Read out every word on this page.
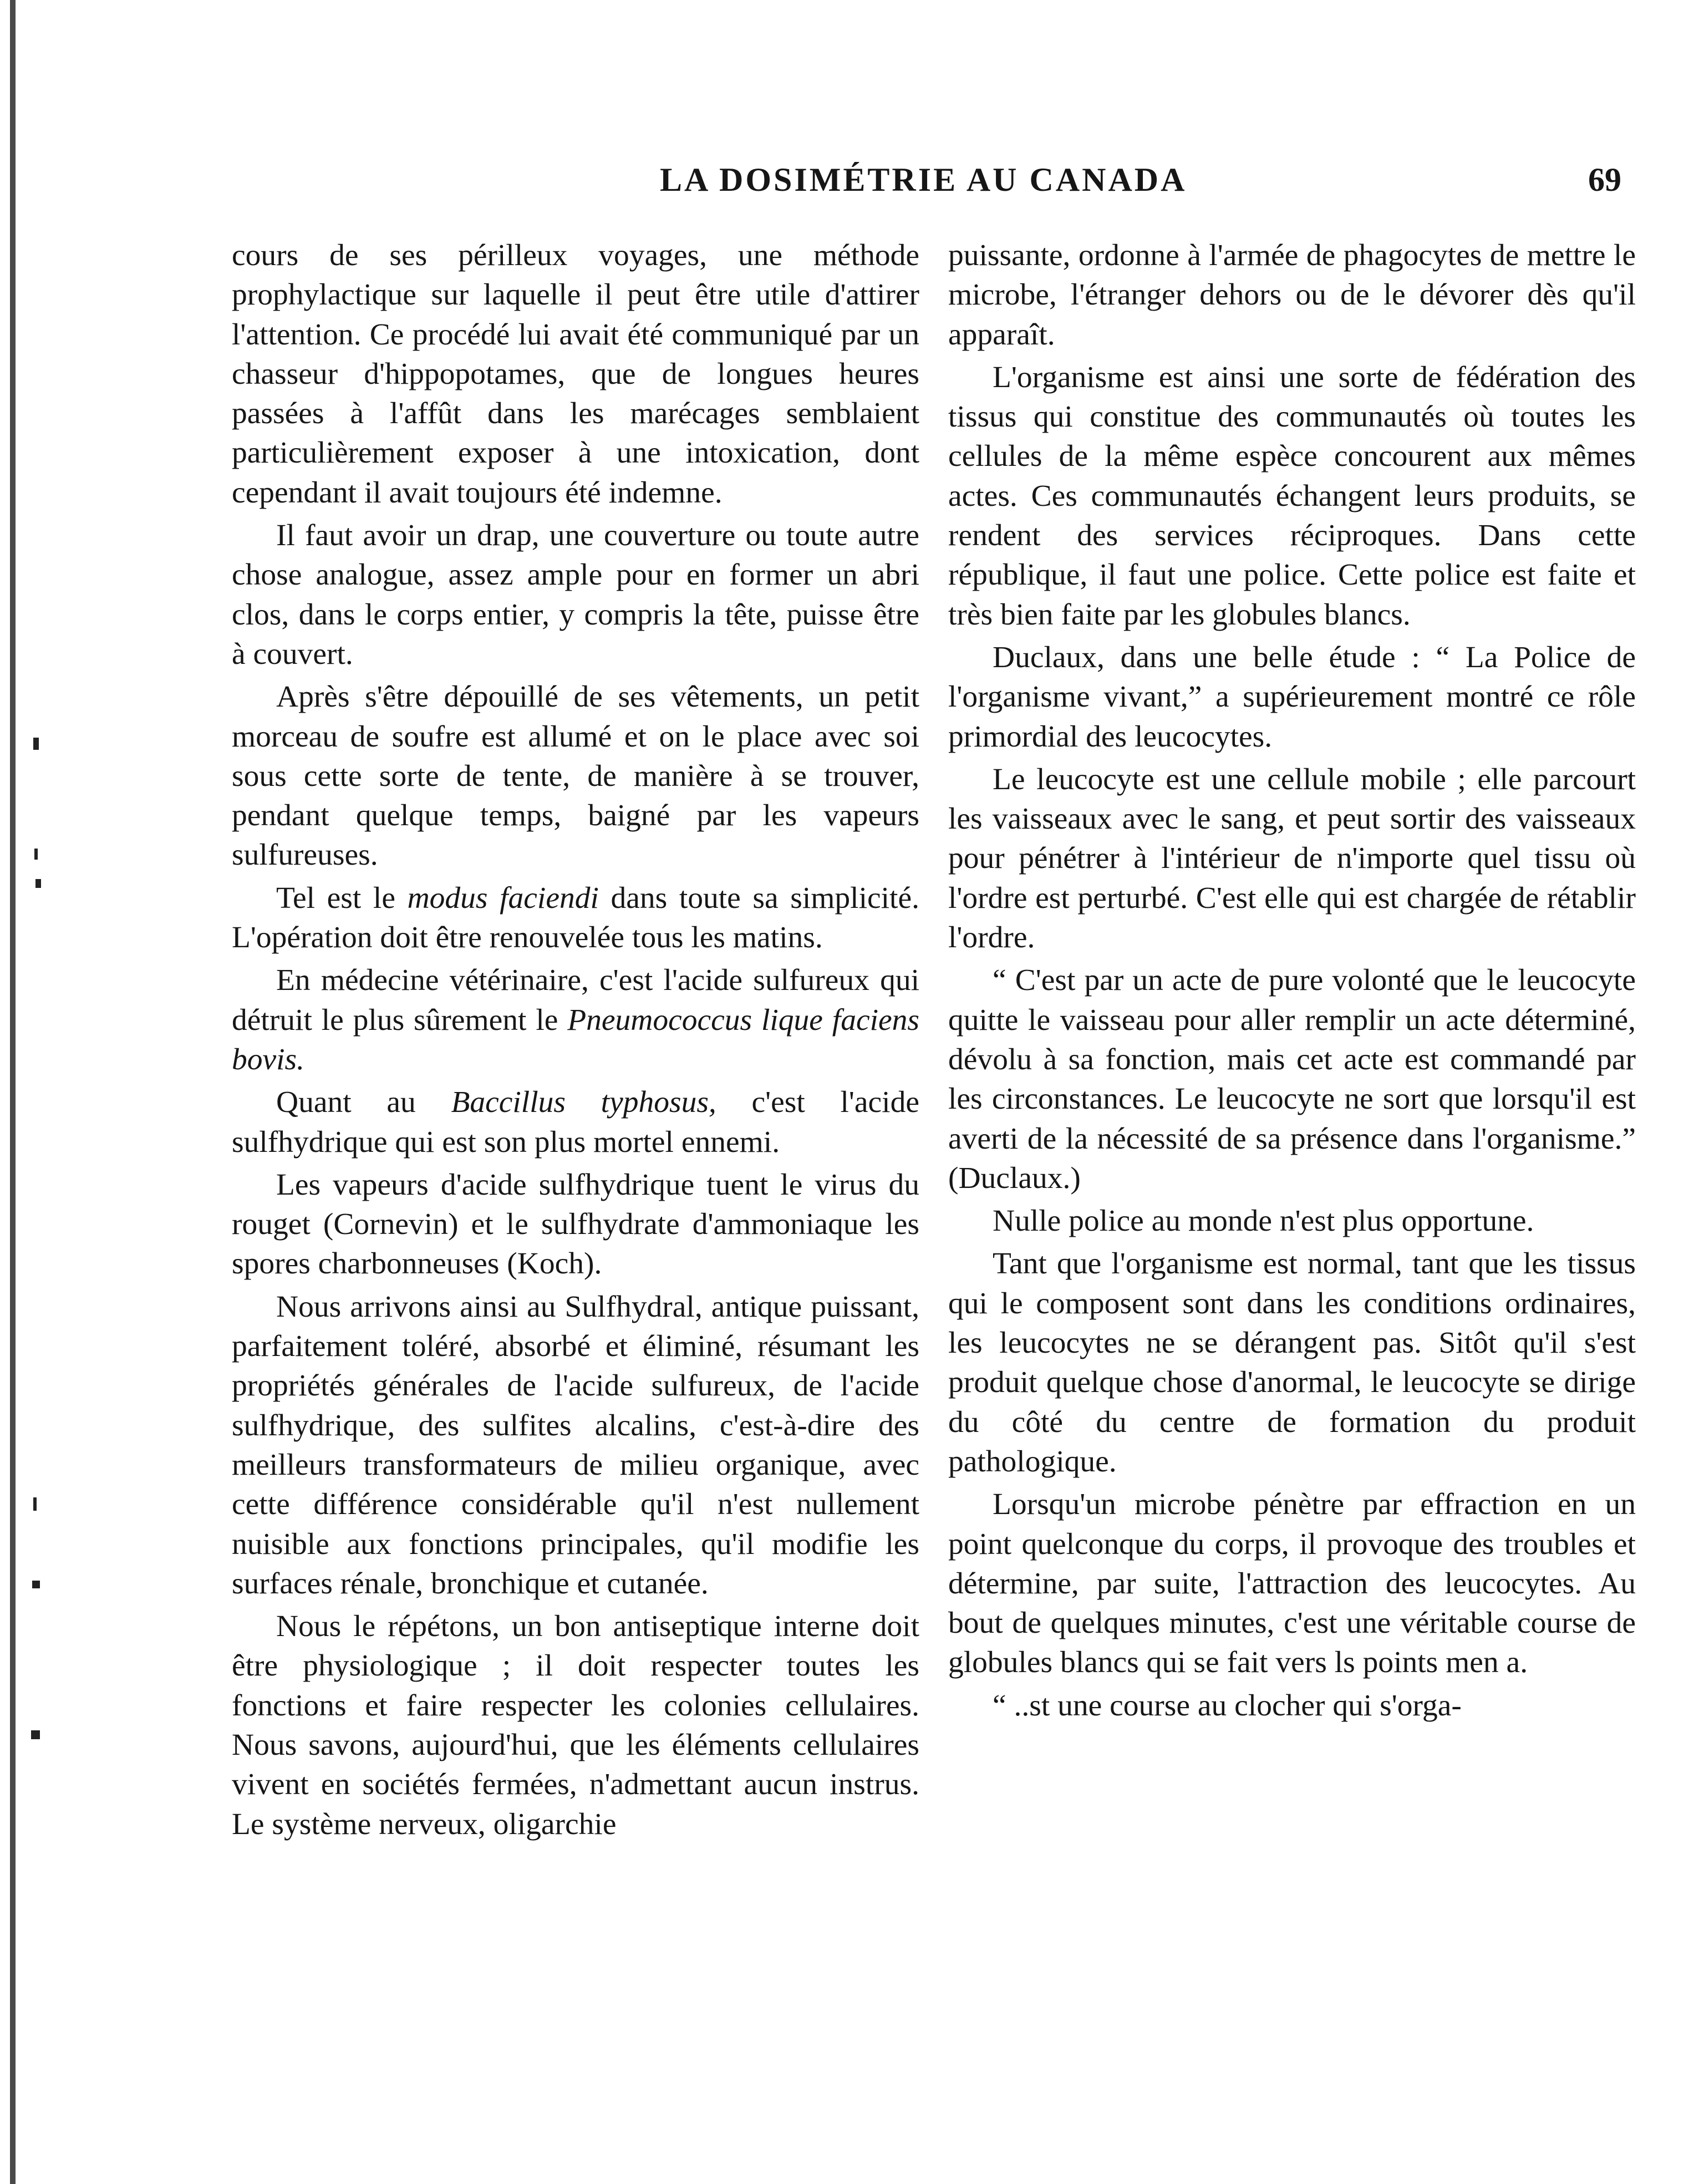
LA DOSIMÉTRIE AU CANADA	69

cours de ses périlleux voyages, une méthode prophylactique sur laquelle il peut être utile d'attirer l'attention. Ce procédé lui avait été communiqué par un chasseur d'hippopotames, que de longues heures passées à l'affût dans les marécages semblaient particulièrement exposer à une intoxication, dont cependant il avait toujours été indemne.

Il faut avoir un drap, une couverture ou toute autre chose analogue, assez ample pour en former un abri clos, dans le corps entier, y compris la tête, puisse être à couvert.

Après s'être dépouillé de ses vêtements, un petit morceau de soufre est allumé et on le place avec soi sous cette sorte de tente, de manière à se trouver, pendant quelque temps, baigné par les vapeurs sulfureuses.

Tel est le modus faciendi dans toute sa simplicité. L'opération doit être renouvelée tous les matins.

En médecine vétérinaire, c'est l'acide sulfureux qui détruit le plus sûrement le Pneumococcus lique faciens bovis.

Quant au Baccillus typhosus, c'est l'acide sulfhydrique qui est son plus mortel ennemi.

Les vapeurs d'acide sulfhydrique tuent le virus du rouget (Cornevin) et le sulfhydrate d'ammoniaque les spores charbonneuses (Koch).

Nous arrivons ainsi au Sulfhydral, antique puissant, parfaitement toléré, absorbé et éliminé, résumant les propriétés générales de l'acide sulfureux, de l'acide sulfhydrique, des sulfites alcalins, c'est-à-dire des meilleurs transformateurs de milieu organique, avec cette différence considérable qu'il n'est nullement nuisible aux fonctions principales, qu'il modifie les surfaces rénale, bronchique et cutanée.

Nous le répétons, un bon antiseptique interne doit être physiologique ; il doit respecter toutes les fonctions et faire respecter les colonies cellulaires. Nous savons, aujourd'hui, que les éléments cellulaires vivent en sociétés fermées, n'admettant aucun instrus. Le système nerveux, oligarchie

puissante, ordonne à l'armée de phagocytes de mettre le microbe, l'étranger dehors ou de le dévorer dès qu'il apparaît.

L'organisme est ainsi une sorte de fédération des tissus qui constitue des communautés où toutes les cellules de la même espèce concourent aux mêmes actes. Ces communautés échangent leurs produits, se rendent des services réciproques. Dans cette république, il faut une police. Cette police est faite et très bien faite par les globules blancs.

Duclaux, dans une belle étude : “ La Police de l'organisme vivant,” a supérieurement montré ce rôle primordial des leucocytes.

Le leucocyte est une cellule mobile ; elle parcourt les vaisseaux avec le sang, et peut sortir des vaisseaux pour pénétrer à l'intérieur de n'importe quel tissu où l'ordre est perturbé. C'est elle qui est chargée de rétablir l'ordre.

“ C'est par un acte de pure volonté que le leucocyte quitte le vaisseau pour aller remplir un acte déterminé, dévolu à sa fonction, mais cet acte est commandé par les circonstances. Le leucocyte ne sort que lorsqu'il est averti de la nécessité de sa présence dans l'organisme.” (Duclaux.)

Nulle police au monde n'est plus opportune.

Tant que l'organisme est normal, tant que les tissus qui le composent sont dans les conditions ordinaires, les leucocytes ne se dérangent pas. Sitôt qu'il s'est produit quelque chose d'anormal, le leucocyte se dirige du côté du centre de formation du produit pathologique.

Lorsqu'un microbe pénètre par effraction en un point quelconque du corps, il provoque des troubles et détermine, par suite, l'attraction des leucocytes. Au bout de quelques minutes, c'est une véritable course de globules blancs qui se fait vers ls points men a.

“ ..st une course au clocher qui s'orga-
